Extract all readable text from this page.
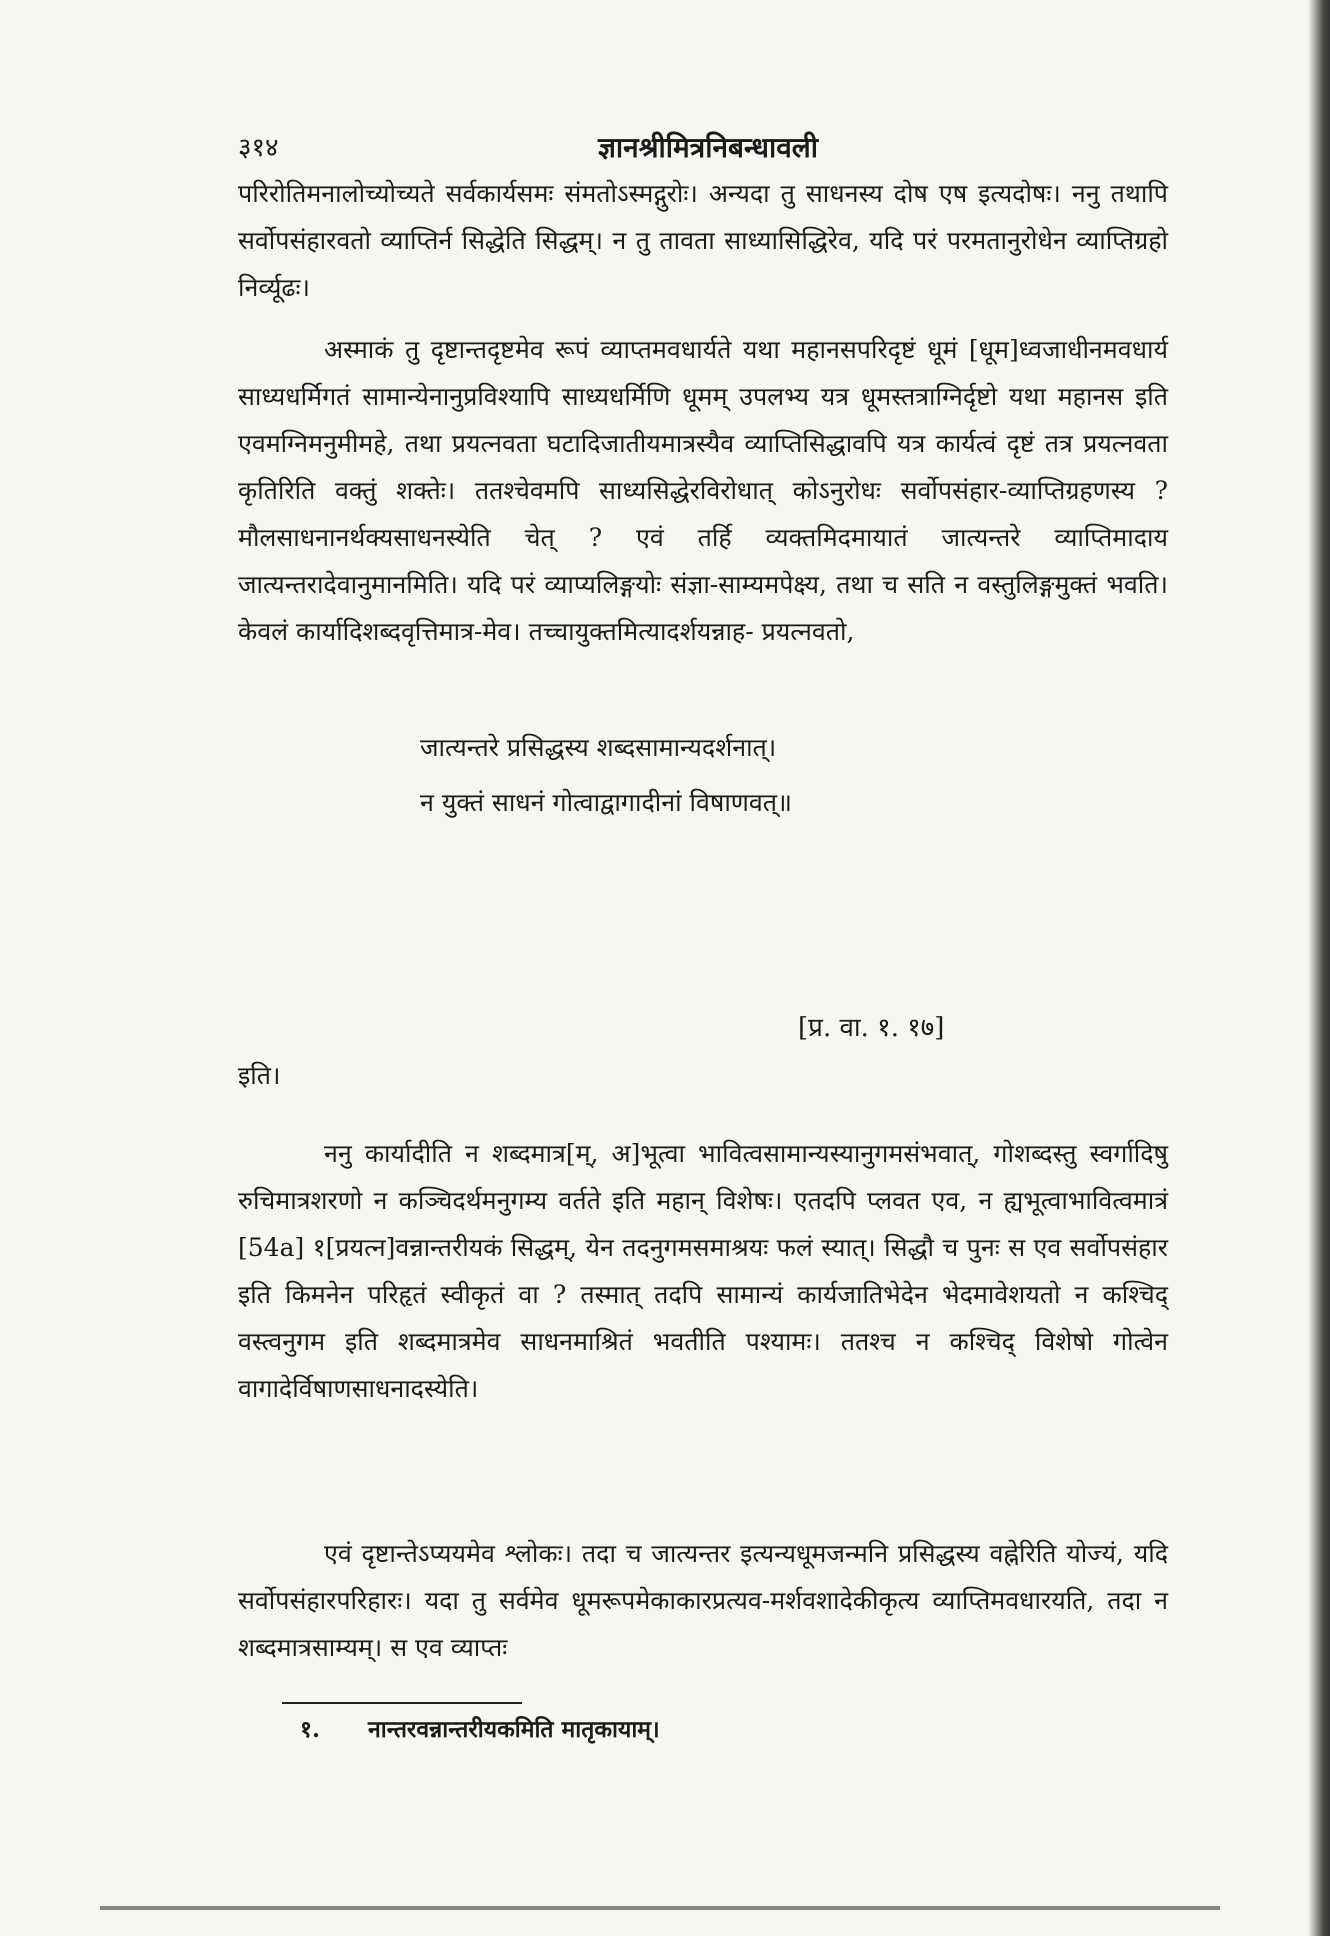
३१४	ज्ञानश्रीमित्रनिबन्धावली

परिरोतिमनालोच्योच्यते सर्वकार्यसमः संमतोऽस्मद्गुरोः। अन्यदा तु साधनस्य दोष एष इत्यदोषः। ननु तथापि सर्वोपसंहारवतो व्याप्तिर्न सिद्धेति सिद्धम्। न तु तावता साध्यासिद्धिरेव, यदि परं परमतानुरोधेन व्याप्तिग्रहो निर्व्यूढः।

अस्माकं तु दृष्टान्तदृष्टमेव रूपं व्याप्तमवधार्यते यथा महानसपरिदृष्टं धूमं [धूम]ध्वजाधीनमवधार्य साध्यधर्मिगतं सामान्येनानुप्रविश्यापि साध्यधर्मिणि धूमम् उपलभ्य यत्र धूमस्तत्राग्निर्दृष्टो यथा महानस इति एवमग्निमनुमीमहे, तथा प्रयत्नवता घटादिजातीयमात्रस्यैव व्याप्तिसिद्धावपि यत्र कार्यत्वं दृष्टं तत्र प्रयत्नवता कृतिरिति वक्तुं शक्तेः। ततश्चेवमपि साध्यसिद्धेरविरोधात् कोऽनुरोधः सर्वोपसंहार-व्याप्तिग्रहणस्य ? मौलसाधनानर्थक्यसाधनस्येति चेत् ? एवं तर्हि व्यक्तमिदमायातं जात्यन्तरे व्याप्तिमादाय जात्यन्तरादेवानुमानमिति। यदि परं व्याप्यलिङ्गयोः संज्ञा-साम्यमपेक्ष्य, तथा च सति न वस्तुलिङ्गमुक्तं भवति। केवलं कार्यादिशब्दवृत्तिमात्र-मेव। तच्चायुक्तमित्यादर्शयन्नाह- प्रयत्नवतो,

जात्यन्तरे प्रसिद्धस्य शब्दसामान्यदर्शनात्।

न युक्तं साधनं गोत्वाद्वागादीनां विषाणवत्॥

[प्र. वा. १. १७]
इति।

ननु कार्यादीति न शब्दमात्र[म्, अ]भूत्वा भावित्वसामान्यस्यानुगमसंभवात्, गोशब्दस्तु स्वर्गादिषु रुचिमात्रशरणो न कञ्चिदर्थमनुगम्य वर्तते इति महान् विशेषः। एतदपि प्लवत एव, न ह्यभूत्वाभावित्वमात्रं [54a] १[प्रयत्न]वन्नान्तरीयकं सिद्धम्, येन तदनुगमसमाश्रयः फलं स्यात्। सिद्धौ च पुनः स एव सर्वोपसंहार इति किमनेन परिहृतं स्वीकृतं वा ? तस्मात् तदपि सामान्यं कार्यजातिभेदेन भेदमावेशयतो न कश्चिद् वस्त्वनुगम इति शब्दमात्रमेव साधनमाश्रितं भवतीति पश्यामः। ततश्च न कश्चिद् विशेषो गोत्वेन वागादेर्विषाणसाधनादस्येति।

एवं दृष्टान्तेऽप्ययमेव श्लोकः। तदा च जात्यन्तर इत्यन्यधूमजन्मनि प्रसिद्धस्य वह्नेरिति योज्यं, यदि सर्वोपसंहारपरिहारः। यदा तु सर्वमेव धूमरूपमेकाकारप्रत्यव-मर्शवशादेकीकृत्य व्याप्तिमवधारयति, तदा न शब्दमात्रसाम्यम्। स एव व्याप्तः

१. नान्तरवन्नान्तरीयकमिति मातृकायाम्।
